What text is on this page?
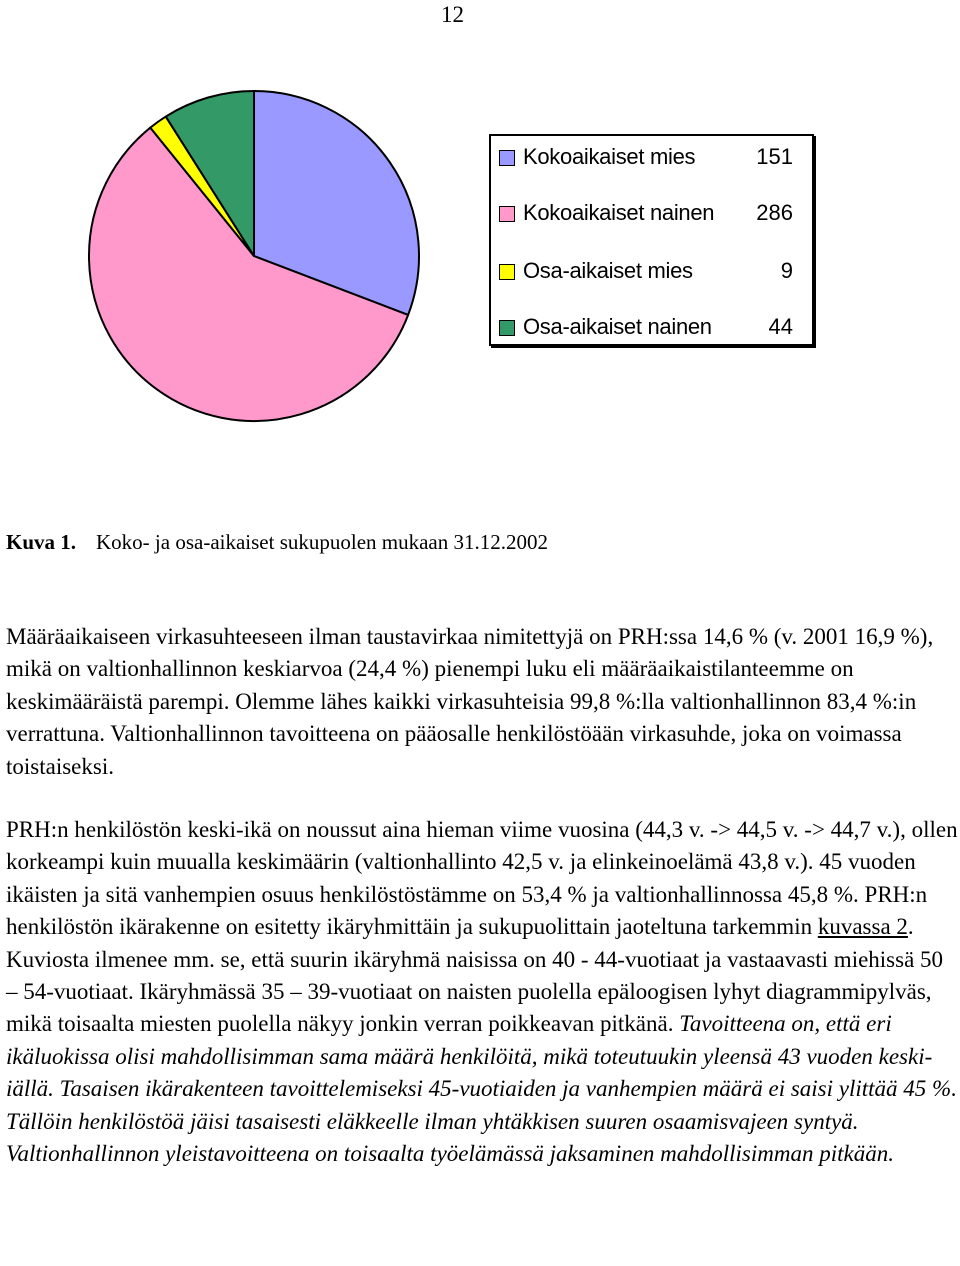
12
Kokoaikaiset mies	151
Kokoaikaiset nainen 286
Osa-aikaiset mies	9
Osa-aikaiset nainen	44
Kuva 1. Koko- ja osa-aikaiset sukupuolen mukaan 31.12.2002
Määräaikaiseen virkasuhteeseen ilman taustavirkaa nimitettyjä on PRH:ssa 14,6 % (v. 2001 16,9 %), mikä on valtionhallinnon keskiarvoa (24,4 %) pienempi luku eli määräaikaistilanteemme on keskimääräistä parempi. Olemme lähes kaikki virkasuhteisia 99,8 %:lla valtionhallinnon 83,4 %:in verrattuna. Valtionhallinnon tavoitteena on pääosalle henkilöstöään virkasuhde, joka on voimassa toistaiseksi.
PRH:n henkilöstön keski-ikä on noussut aina hieman viime vuosina (44,3 v. -> 44,5 v. -> 44,7 v.), ollen korkeampi kuin muualla keskimäärin (valtionhallinto 42,5 v. ja elinkeinoelämä 43,8 v.). 45 vuoden ikäisten ja sitä vanhempien osuus henkilöstöstämme on 53,4 % ja valtionhallinnossa 45,8 %. PRH:n henkilöstön ikärakenne on esitetty ikäryhmittäin ja sukupuolittain jaoteltuna tarkemmin kuvassa 2. Kuviosta ilmenee mm. se, että suurin ikäryhmä naisissa on 40 - 44-vuotiaat ja vastaavasti miehissä 50 – 54-vuotiaat. Ikäryhmässä 35 – 39-vuotiaat on naisten puolella epäloogisen lyhyt diagrammipylväs, mikä toisaalta miesten puolella näkyy jonkin verran poikkeavan pitkänä. Tavoitteena on, että eri ikäluokissa olisi mahdollisimman sama määrä henkilöitä, mikä toteutuukin yleensä 43 vuoden keski-iällä. Tasaisen ikärakenteen tavoittelemiseksi 45-vuotiaiden ja vanhempien määrä ei saisi ylittää 45 %. Tällöin henkilöstöä jäisi tasaisesti eläkkeelle ilman yhtäkkisen suuren osaamisvajeen syntyä. Valtionhallinnon yleistavoitteena on toisaalta työelämässä jaksaminen mahdollisimman pitkään.
